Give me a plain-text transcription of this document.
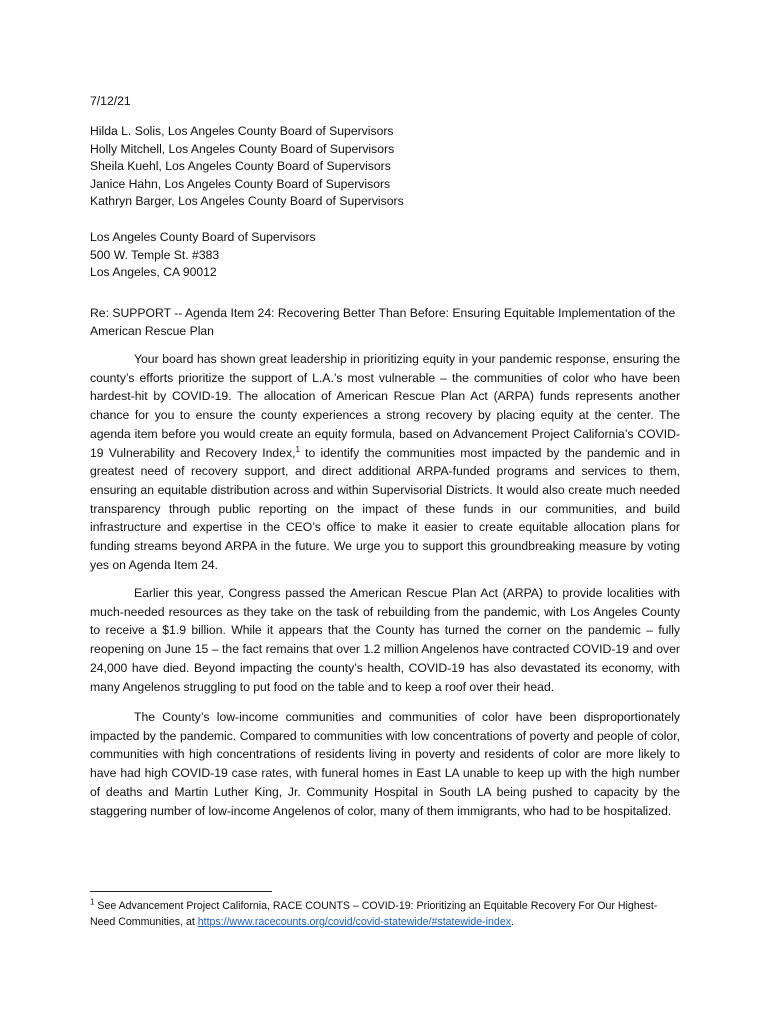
7/12/21
Hilda L. Solis, Los Angeles County Board of Supervisors
Holly Mitchell, Los Angeles County Board of Supervisors
Sheila Kuehl, Los Angeles County Board of Supervisors
Janice Hahn, Los Angeles County Board of Supervisors
Kathryn Barger, Los Angeles County Board of Supervisors
Los Angeles County Board of Supervisors
500 W. Temple St. #383
Los Angeles, CA 90012
Re: SUPPORT -- Agenda Item 24: Recovering Better Than Before: Ensuring Equitable Implementation of the American Rescue Plan

Your board has shown great leadership in prioritizing equity in your pandemic response, ensuring the county’s efforts prioritize the support of L.A.’s most vulnerable – the communities of color who have been hardest-hit by COVID-19. The allocation of American Rescue Plan Act (ARPA) funds represents another chance for you to ensure the county experiences a strong recovery by placing equity at the center. The agenda item before you would create an equity formula, based on Advancement Project California’s COVID-19 Vulnerability and Recovery Index,$^1$ to identify the communities most impacted by the pandemic and in greatest need of recovery support, and direct additional ARPA-funded programs and services to them, ensuring an equitable distribution across and within Supervisorial Districts. It would also create much needed transparency through public reporting on the impact of these funds in our communities, and build infrastructure and expertise in the CEO’s office to make it easier to create equitable allocation plans for funding streams beyond ARPA in the future. We urge you to support this groundbreaking measure by voting yes on Agenda Item 24.

Earlier this year, Congress passed the American Rescue Plan Act (ARPA) to provide localities with much-needed resources as they take on the task of rebuilding from the pandemic, with Los Angeles County to receive a $1.9 billion. While it appears that the County has turned the corner on the pandemic – fully reopening on June 15 – the fact remains that over 1.2 million Angelenos have contracted COVID-19 and over 24,000 have died. Beyond impacting the county’s health, COVID-19 has also devastated its economy, with many Angelenos struggling to put food on the table and to keep a roof over their head.

The County’s low-income communities and communities of color have been disproportionately impacted by the pandemic. Compared to communities with low concentrations of poverty and people of color, communities with high concentrations of residents living in poverty and residents of color are more likely to have had high COVID-19 case rates, with funeral homes in East LA unable to keep up with the high number of deaths and Martin Luther King, Jr. Community Hospital in South LA being pushed to capacity by the staggering number of low-income Angelenos of color, many of them immigrants, who had to be hospitalized.

$^1$ See Advancement Project California, RACE COUNTS – COVID-19: Prioritizing an Equitable Recovery For Our Highest-Need Communities, at https://www.racecounts.org/covid/covid-statewide/#statewide-index.
